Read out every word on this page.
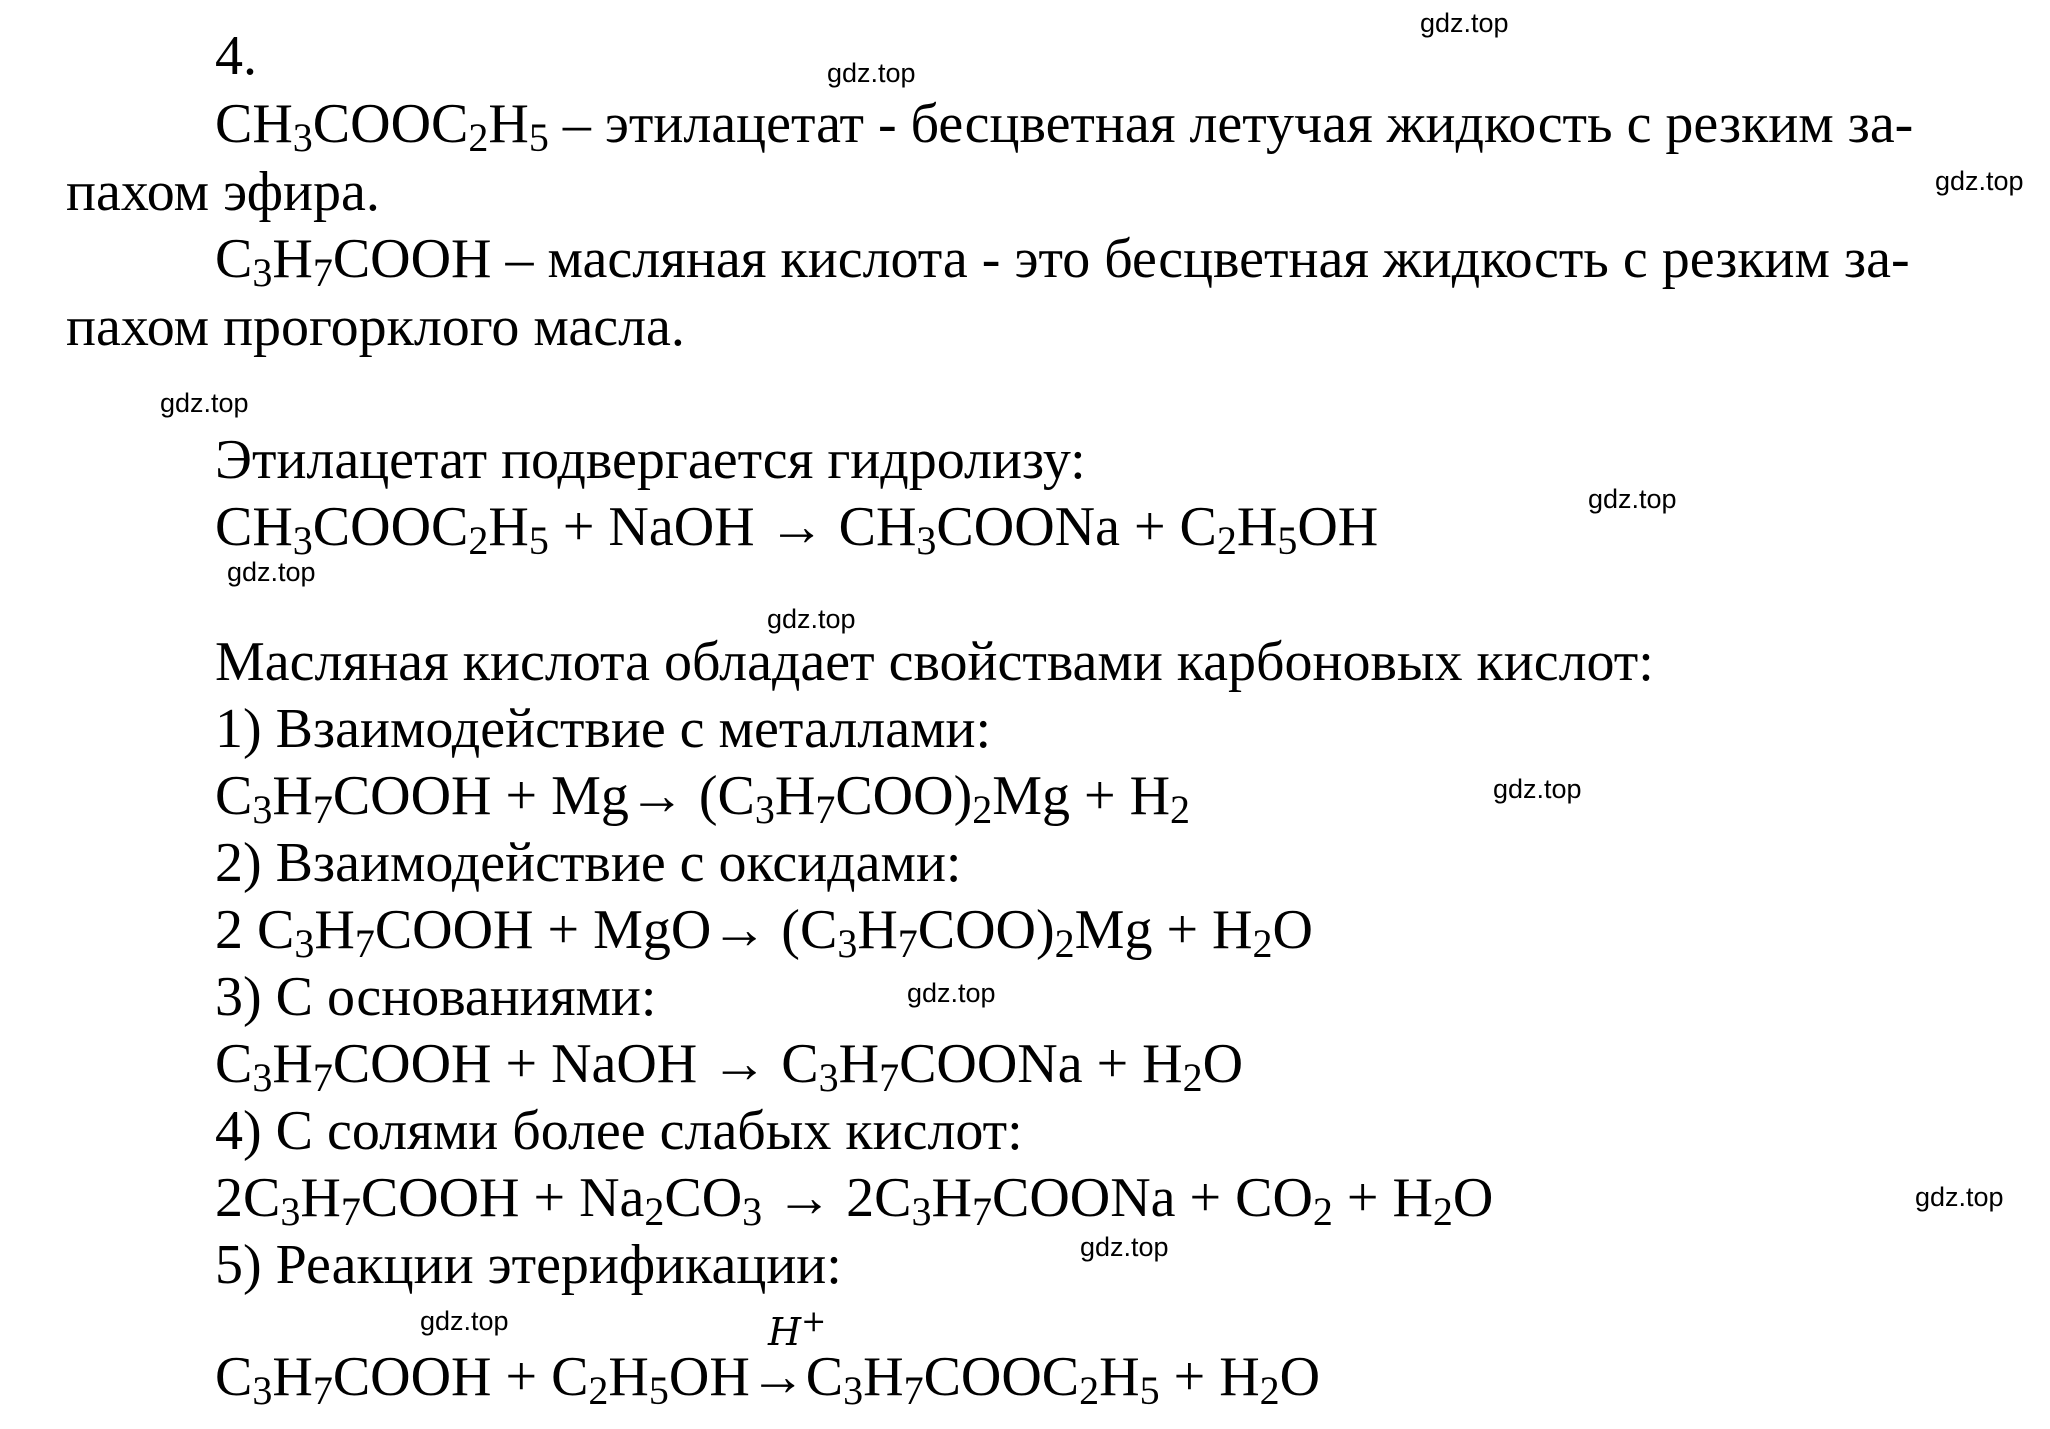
gdz.top
gdz.top
gdz.top
gdz.top
gdz.top
gdz.top
gdz.top
gdz.top
gdz.top
gdz.top
gdz.top
gdz.top
4.
$CH_3COOC_2H_5$ – этилацетат - бесцветная летучая жидкость с резким за-
пахом эфира.
$C_3H_7COOH$ – масляная кислота - это бесцветная жидкость с резким за-
пахом прогорклого масла.
Этилацетат подвергается гидролизу:
$CH_3COOC_2H_5$ + NaOH → $CH_3COONa + C_2H_5OH$
Масляная кислота обладает свойствами карбоновых кислот:
1) Взаимодействие с металлами:
$C_3H_7COOH + Mg\to (C_3H_7COO)_2Mg + H_2$
2) Взаимодействие с оксидами:
2 $C_3H_7COOH + MgO\to (C_3H_7COO)_2Mg + H_2O$
3) С основаниями:
$C_3H_7COOH$ + NaOH → $C_3H_7COONa + H_2O$
4) С солями более слабых кислот:
$2C_3H_7COOH + Na_2CO_3$ → $2C_3H_7COONa + CO_2 + H_2O$
5) Реакции этерификации:
H+
$C_3H_7COOH$ + $C_2H_5OH\to C_3H_7COOC_2H_5 + H_2O$
